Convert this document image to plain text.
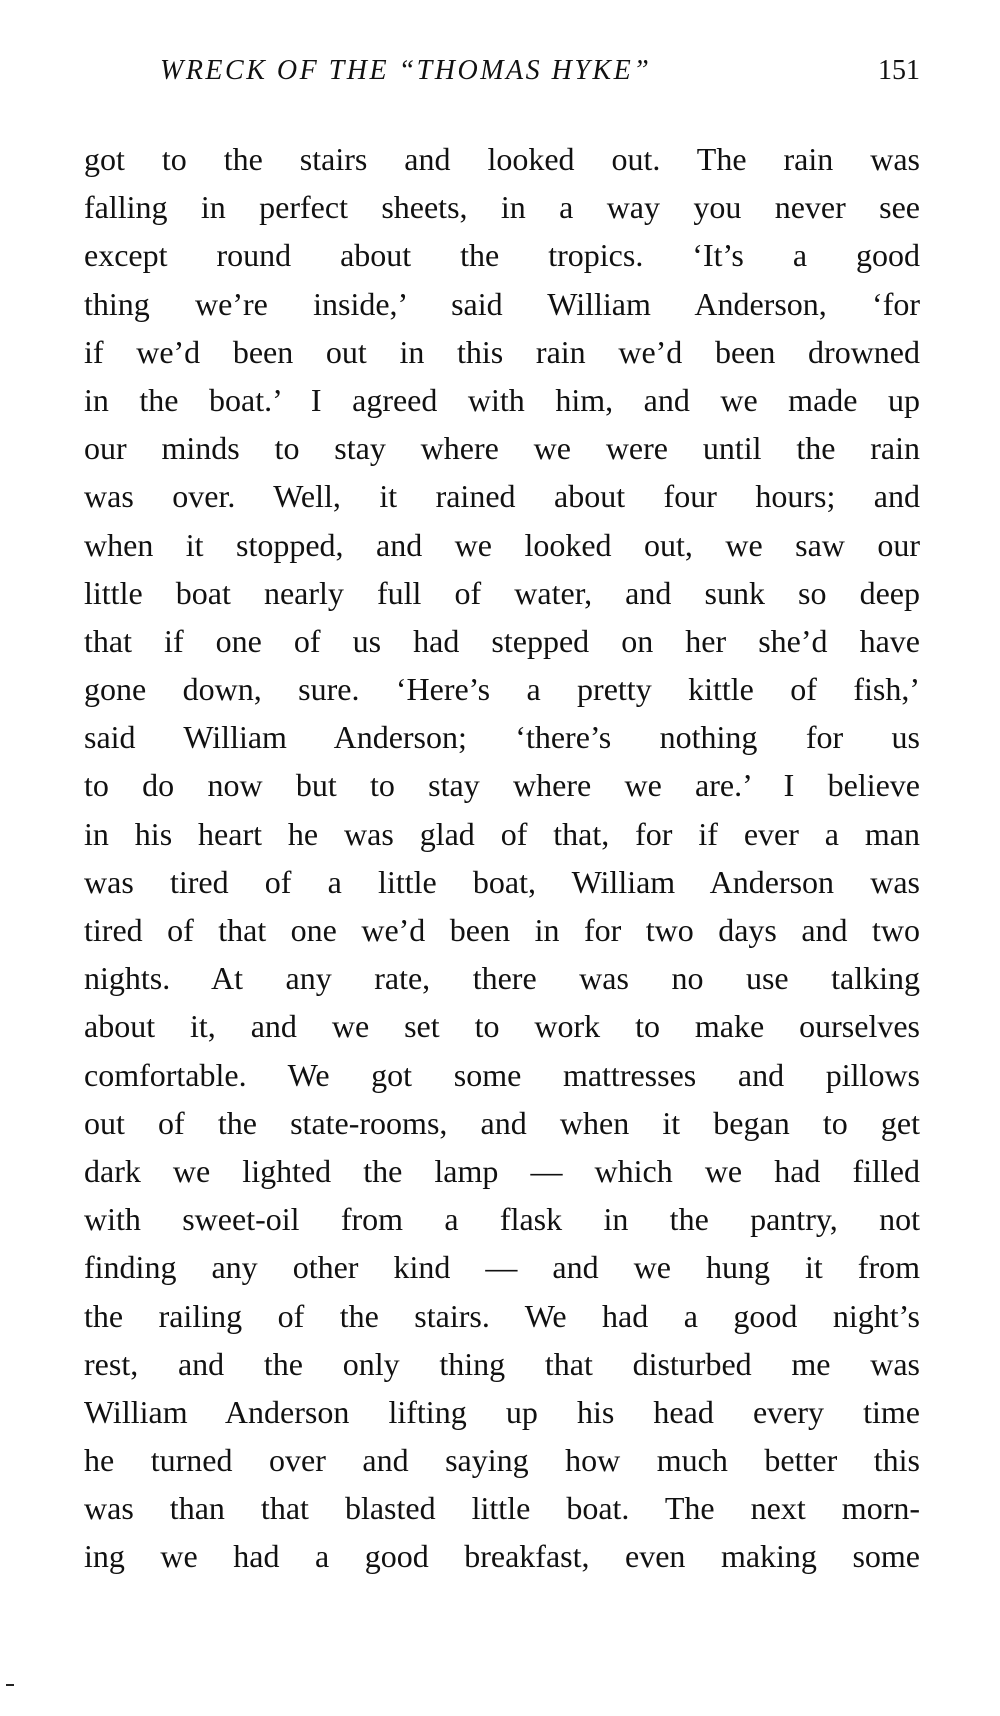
WRECK OF THE “THOMAS HYKE”	151
got to the stairs and looked out. The rain was
falling in perfect sheets, in a way you never see
except round about the tropics. ‘It’s a good
thing we’re inside,’ said William Anderson, ‘for
if we’d been out in this rain we’d been drowned
in the boat.’ I agreed with him, and we made up
our minds to stay where we were until the rain
was over. Well, it rained about four hours; and
when it stopped, and we looked out, we saw our
little boat nearly full of water, and sunk so deep
that if one of us had stepped on her she’d have
gone down, sure. ‘Here’s a pretty kittle of fish,’
said William Anderson; ‘there’s nothing for us
to do now but to stay where we are.’ I believe
in his heart he was glad of that, for if ever a man
was tired of a little boat, William Anderson was
tired of that one we’d been in for two days and two
nights. At any rate, there was no use talking
about it, and we set to work to make ourselves
comfortable. We got some mattresses and pillows
out of the state-rooms, and when it began to get
dark we lighted the lamp — which we had filled
with sweet-oil from a flask in the pantry, not
finding any other kind — and we hung it from
the railing of the stairs. We had a good night’s
rest, and the only thing that disturbed me was
William Anderson lifting up his head every time
he turned over and saying how much better this
was than that blasted little boat. The next morn-
ing we had a good breakfast, even making some
